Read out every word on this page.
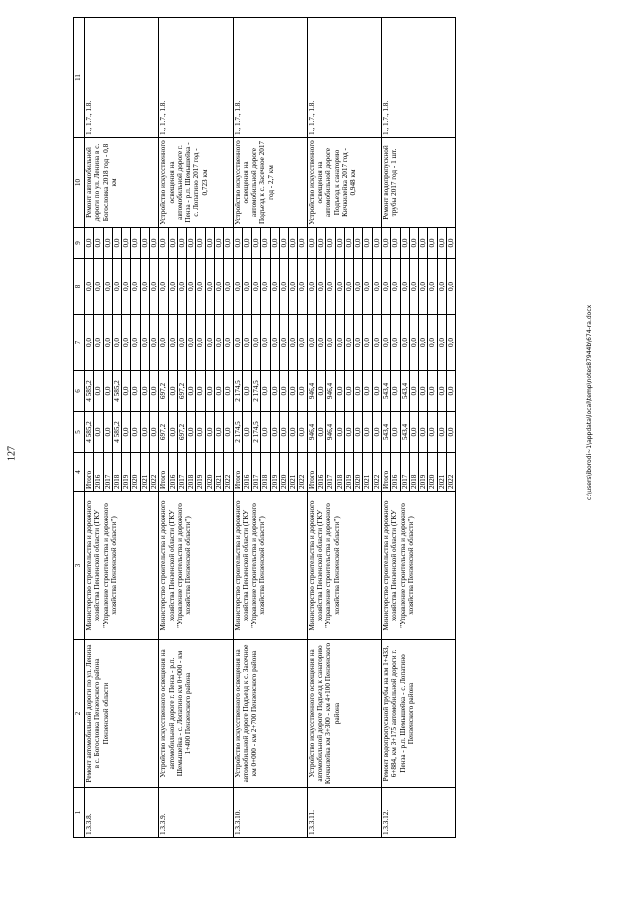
127
1	2	3	4	5	6	7	8	9	10	11
1.3.3.8.	Ремонт автомобильной дороги по ул. Ленина в с. Богословка Пензенского района Пензенской области	Министерство строительства и дорожного хозяйства Пензенской области (ГКУ "Управление строительства и дорожного хозяйства Пензенской области")	Итого	4 585,2	4 585,2	0,0	0,0	0,0	Ремонт автомобильной дороги по ул. Ленина в с. Богословка 2018 год - 0,8 км	1., 1.7., 1.8.
			2016	0,0	0,0	0,0	0,0	0,0		
			2017	0,0	0,0	0,0	0,0	0,0		
			2018	4 585,2	4 585,2	0,0	0,0	0,0		
			2019	0,0	0,0	0,0	0,0	0,0		
			2020	0,0	0,0	0,0	0,0	0,0		
			2021	0,0	0,0	0,0	0,0	0,0		
			2022	0,0	0,0	0,0	0,0	0,0		
1.3.3.9.	Устройство искусственного освещения на автомобильной дороге г. Пенза - р.п. Шемышейка - с. Лопатино км 0+000 - км 1+400 Пензенского района	Министерство строительства и дорожного хозяйства Пензенской области (ГКУ "Управление строительства и дорожного хозяйства Пензенской области")	Итого	697,2	697,2	0,0	0,0	0,0	Устройство искусственного освещения на автомобильной дороге г. Пенза - р.п. Шемышейка - с. Лопатино 2017 год - 0,723 км	1., 1.7., 1.8.
			2016	0,0	0,0	0,0	0,0	0,0		
			2017	697,2	697,2	0,0	0,0	0,0		
			2018	0,0	0,0	0,0	0,0	0,0		
			2019	0,0	0,0	0,0	0,0	0,0		
			2020	0,0	0,0	0,0	0,0	0,0		
			2021	0,0	0,0	0,0	0,0	0,0		
			2022	0,0	0,0	0,0	0,0	0,0		
1.3.3.10.	Устройство искусственного освещения на автомобильной дороге Подъезд к с. Засечное км 0+000 - км 2+700 Пензенского района	Министерство строительства и дорожного хозяйства Пензенской области (ГКУ "Управление строительства и дорожного хозяйства Пензенской области")	Итого	2 174,5	2 174,5	0,0	0,0	0,0	Устройство искусственного освещения на автомобильной дороге Подъезд к с. Засечное 2017 год - 2,7 км	1., 1.7., 1.8.
			2016	0,0	0,0	0,0	0,0	0,0		
			2017	2 174,5	2 174,5	0,0	0,0	0,0		
			2018	0,0	0,0	0,0	0,0	0,0		
			2019	0,0	0,0	0,0	0,0	0,0		
			2020	0,0	0,0	0,0	0,0	0,0		
			2021	0,0	0,0	0,0	0,0	0,0		
			2022	0,0	0,0	0,0	0,0	0,0		
1.3.3.11.	Устройство искусственного освещения на автомобильной дороге Подъезд к санаторию Кичкилейка км 3+300 - км 4+100 Пензенского района	Министерство строительства и дорожного хозяйства Пензенской области (ГКУ "Управление строительства и дорожного хозяйства Пензенской области")	Итого	946,4	946,4	0,0	0,0	0,0	Устройство искусственного освещения на автомобильной дороге Подъезд к санаторию Кичкилейка 2017 год - 0,948 км	1., 1.7., 1.8.
			2016	0,0	0,0	0,0	0,0	0,0		
			2017	946,4	946,4	0,0	0,0	0,0		
			2018	0,0	0,0	0,0	0,0	0,0		
			2019	0,0	0,0	0,0	0,0	0,0		
			2020	0,0	0,0	0,0	0,0	0,0		
			2021	0,0	0,0	0,0	0,0	0,0		
			2022	0,0	0,0	0,0	0,0	0,0		
1.3.3.12.	Ремонт водопропускной трубы на км 1+433, 6+884, км 3+175 автомобильной дороги г. Пенза - р.п. Шемышейка - с. Лопатино Пензенского района	Министерство строительства и дорожного хозяйства Пензенской области (ГКУ "Управление строительства и дорожного хозяйства Пензенской области")	Итого	543,4	543,4	0,0	0,0	0,0	Ремонт водопропускной трубы 2017 год - 1 шт.	1., 1.7., 1.8.
			2016	0,0	0,0	0,0	0,0	0,0		
			2017	543,4	543,4	0,0	0,0	0,0		
			2018	0,0	0,0	0,0	0,0	0,0		
			2019	0,0	0,0	0,0	0,0	0,0		
			2020	0,0	0,0	0,0	0,0	0,0		
			2021	0,0	0,0	0,0	0,0	0,0		
			2022	0,0	0,0	0,0	0,0	0,0		
c:\users\iborodi~1\appdata\local\temp\notes87944b\674-ra.docx
